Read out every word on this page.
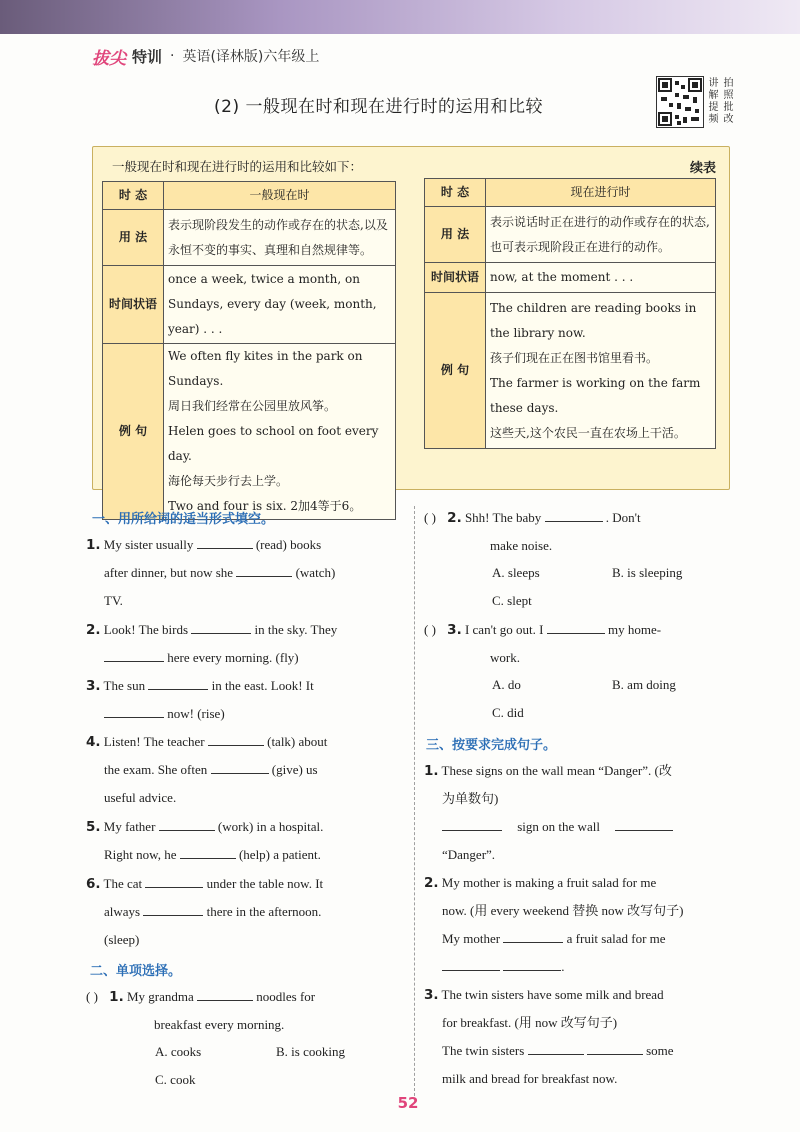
拔尖 特训 · 英语(译林版)六年级上
(2) 一般现在时和现在进行时的运用和比较
讲 拍
解 照
提 批
频 改
一般现在时和现在进行时的运用和比较如下：	续表
时 态	一般现在时
用 法	表示现阶段发生的动作或存在的状态,以及永恒不变的事实、真理和自然规律等。
时间状语	once a week, twice a month, on Sundays, every day (week, month, year) . . .
例 句	We often fly kites in the park on Sundays.
周日我们经常在公园里放风筝。
Helen goes to school on foot every day.
海伦每天步行去上学。
Two and four is six. 2加4等于6。
时 态	现在进行时
用 法	表示说话时正在进行的动作或存在的状态,也可表示现阶段正在进行的动作。
时间状语	now, at the moment . . .
例 句	The children are reading books in the library now.
孩子们现在正在图书馆里看书。
The farmer is working on the farm these days.
这些天,这个农民一直在农场上干活。
一、用所给词的适当形式填空。
1. My sister usually	(read) books
after dinner, but now she	(watch)
TV.
2. Look! The birds	in the sky. They
here every morning. (fly)
3. The sun	in the east. Look! It
now! (rise)
4. Listen! The teacher	(talk) about
the exam. She often	(give) us
useful advice.
5. My father	(work) in a hospital.
Right now, he	(help) a patient.
6. The cat	under the table now. It
always	there in the afternoon.
(sleep)
二、单项选择。
( ) 1. My grandma	noodles for
breakfast every morning.
A. cooks	B. is cooking
C. cook
( ) 2. Shh! The baby	. Don't
make noise.
A. sleeps	B. is sleeping
C. slept
( ) 3. I can't go out. I	my home-
work.
A. do	B. am doing
C. did
三、按要求完成句子。
1. These signs on the wall mean “Danger”. (改
为单数句)
sign on the wall
“Danger”.
2. My mother is making a fruit salad for me
now. (用 every weekend 替换 now 改写句子)
My mother	a fruit salad for me
.
3. The twin sisters have some milk and bread
for breakfast. (用 now 改写句子)
The twin sisters	some
milk and bread for breakfast now.
52
